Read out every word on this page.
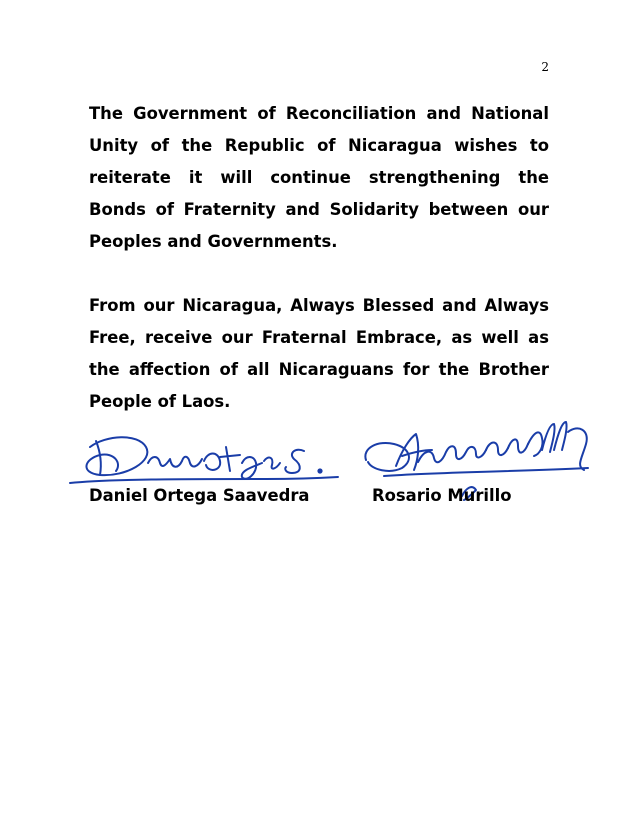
2

The Government of Reconciliation and National Unity of the Republic of Nicaragua wishes to reiterate it will continue strengthening the Bonds of Fraternity and Solidarity between our Peoples and Governments.

From our Nicaragua, Always Blessed and Always Free, receive our Fraternal Embrace, as well as the affection of all Nicaraguans for the Brother People of Laos.

Daniel Ortega Saavedra	Rosario Murillo
